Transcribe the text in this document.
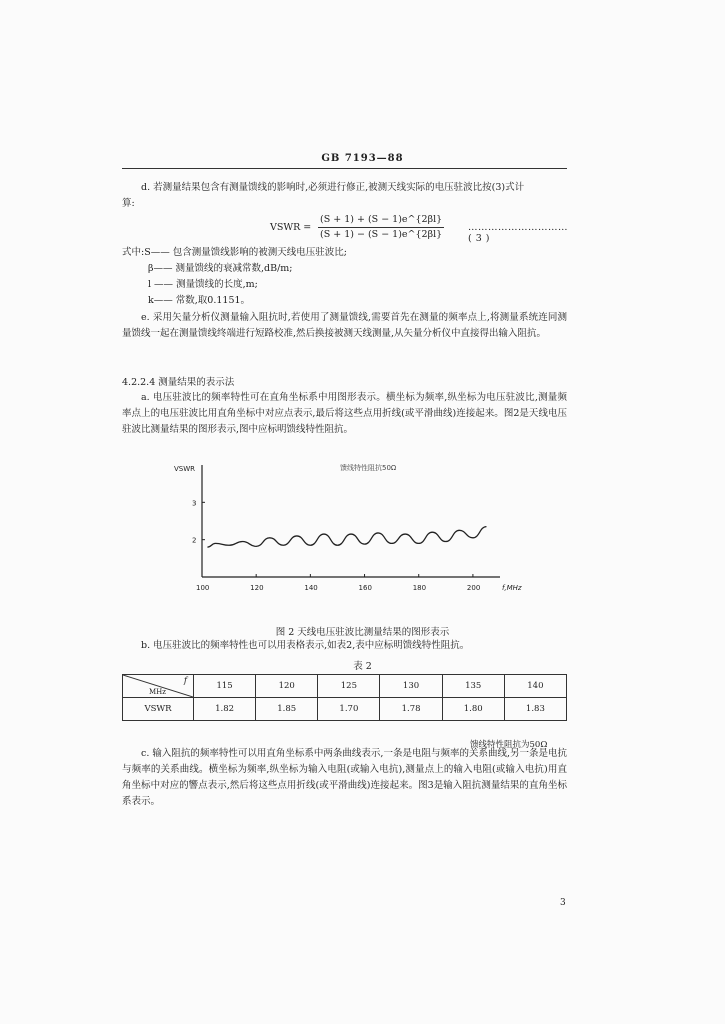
GB 7193—88
d. 若测量结果包含有测量馈线的影响时,必须进行修正,被测天线实际的电压驻波比按(3)式计
算:
VSWR =
(S + 1) + (S − 1)e^{2βl}
(S + 1) − (S − 1)e^{2βl}
…………………………( 3 )
式中:S—— 包含测量馈线影响的被测天线电压驻波比;
β—— 测量馈线的衰减常数,dB/m;
l —— 测量馈线的长度,m;
k—— 常数,取0.1151。
e. 采用矢量分析仪测量输入阻抗时,若使用了测量馈线,需要首先在测量的频率点上,将测量系统连同测量馈线一起在测量馈线终端进行短路校准,然后换接被测天线测量,从矢量分析仪中直接得出输入阻抗。
4.2.2.4 测量结果的表示法
a. 电压驻波比的频率特性可在直角坐标系中用图形表示。横坐标为频率,纵坐标为电压驻波比,测量频率点上的电压驻波比用直角坐标中对应点表示,最后将这些点用折线(或平滑曲线)连接起来。图2是天线电压驻波比测量结果的图形表示,图中应标明馈线特性阻抗。
VSWR
f,MHz
馈线特性阻抗50Ω
2
3
100	120	140	160	180	200
图 2 天线电压驻波比测量结果的图形表示
b. 电压驻波比的频率特性也可以用表格表示,如表2,表中应标明馈线特性阻抗。
表 2
f
MHz	115	120	125	130	135	140
VSWR	1.82	1.85	1.70	1.78	1.80	1.83
馈线特性阻抗为50Ω
c. 输入阻抗的频率特性可以用直角坐标系中两条曲线表示,一条是电阻与频率的关系曲线,另一条是电抗与频率的关系曲线。横坐标为频率,纵坐标为输入电阻(或输入电抗),测量点上的输入电阻(或输入电抗)用直角坐标中对应的響点表示,然后将这些点用折线(或平滑曲线)连接起来。图3是输入阻抗测量结果的直角坐标系表示。
3
